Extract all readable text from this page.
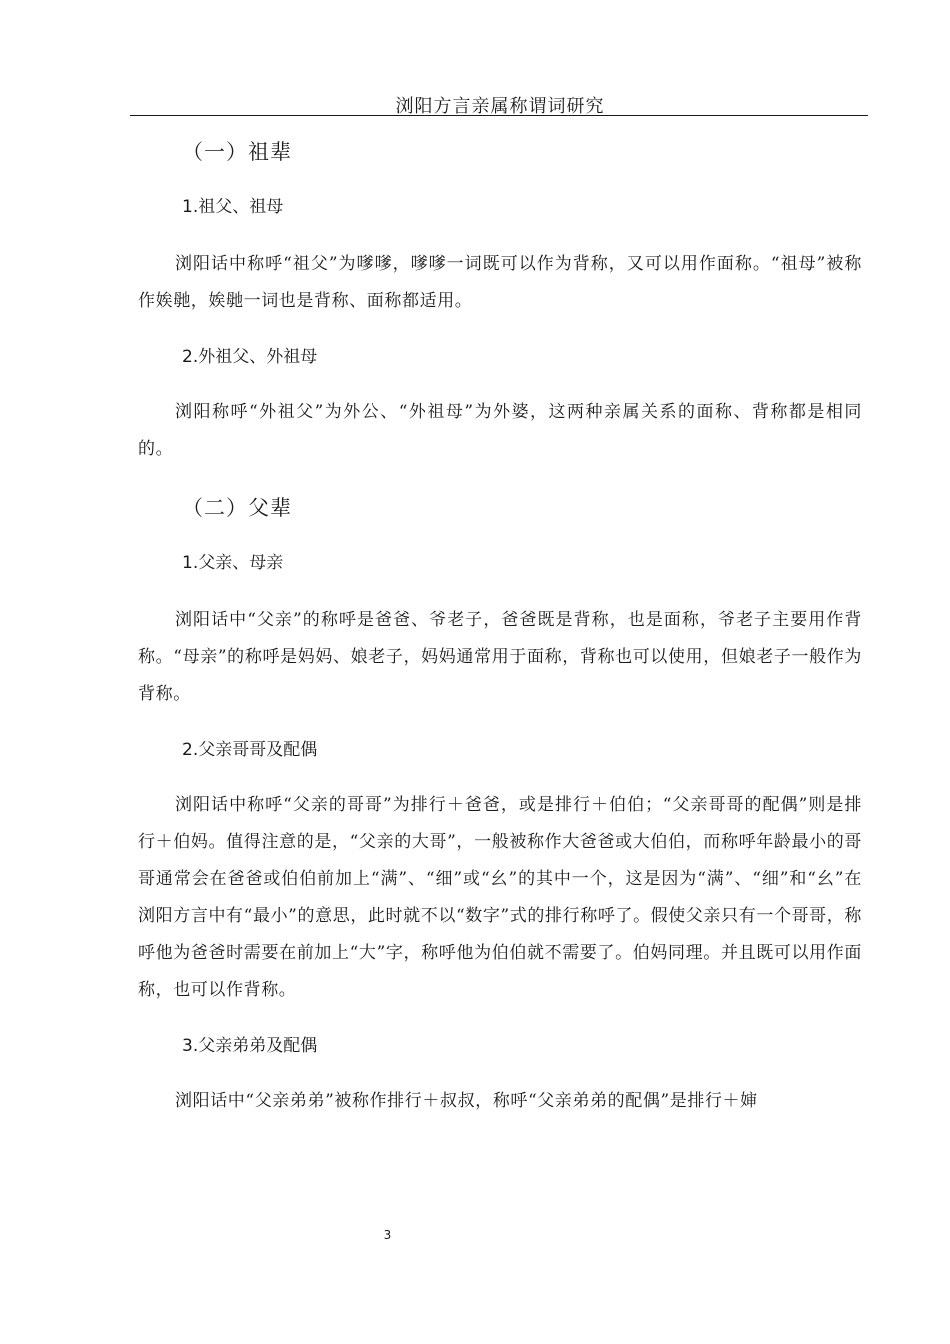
浏阳方言亲属称谓词研究
（一）祖辈
1.祖父、祖母

浏阳话中称呼“祖父”为嗲嗲，嗲嗲一词既可以作为背称，又可以用作面称。“祖母”被称作娭毑，娭毑一词也是背称、面称都适用。

2.外祖父、外祖母

浏阳称呼“外祖父”为外公、“外祖母”为外婆，这两种亲属关系的面称、背称都是相同的。

（二）父辈
1.父亲、母亲

浏阳话中“父亲”的称呼是爸爸、爷老子，爸爸既是背称，也是面称，爷老子主要用作背称。“母亲”的称呼是妈妈、娘老子，妈妈通常用于面称，背称也可以使用，但娘老子一般作为背称。

2.父亲哥哥及配偶

浏阳话中称呼“父亲的哥哥”为排行＋爸爸，或是排行＋伯伯；“父亲哥哥的配偶”则是排行＋伯妈。值得注意的是，“父亲的大哥”，一般被称作大爸爸或大伯伯，而称呼年龄最小的哥哥通常会在爸爸或伯伯前加上“满”、“细”或“幺”的其中一个，这是因为“满”、“细”和“幺”在浏阳方言中有“最小”的意思，此时就不以“数字”式的排行称呼了。假使父亲只有一个哥哥，称呼他为爸爸时需要在前加上“大”字，称呼他为伯伯就不需要了。伯妈同理。并且既可以用作面称，也可以作背称。

3.父亲弟弟及配偶

浏阳话中“父亲弟弟”被称作排行＋叔叔，称呼“父亲弟弟的配偶”是排行＋婶

3
